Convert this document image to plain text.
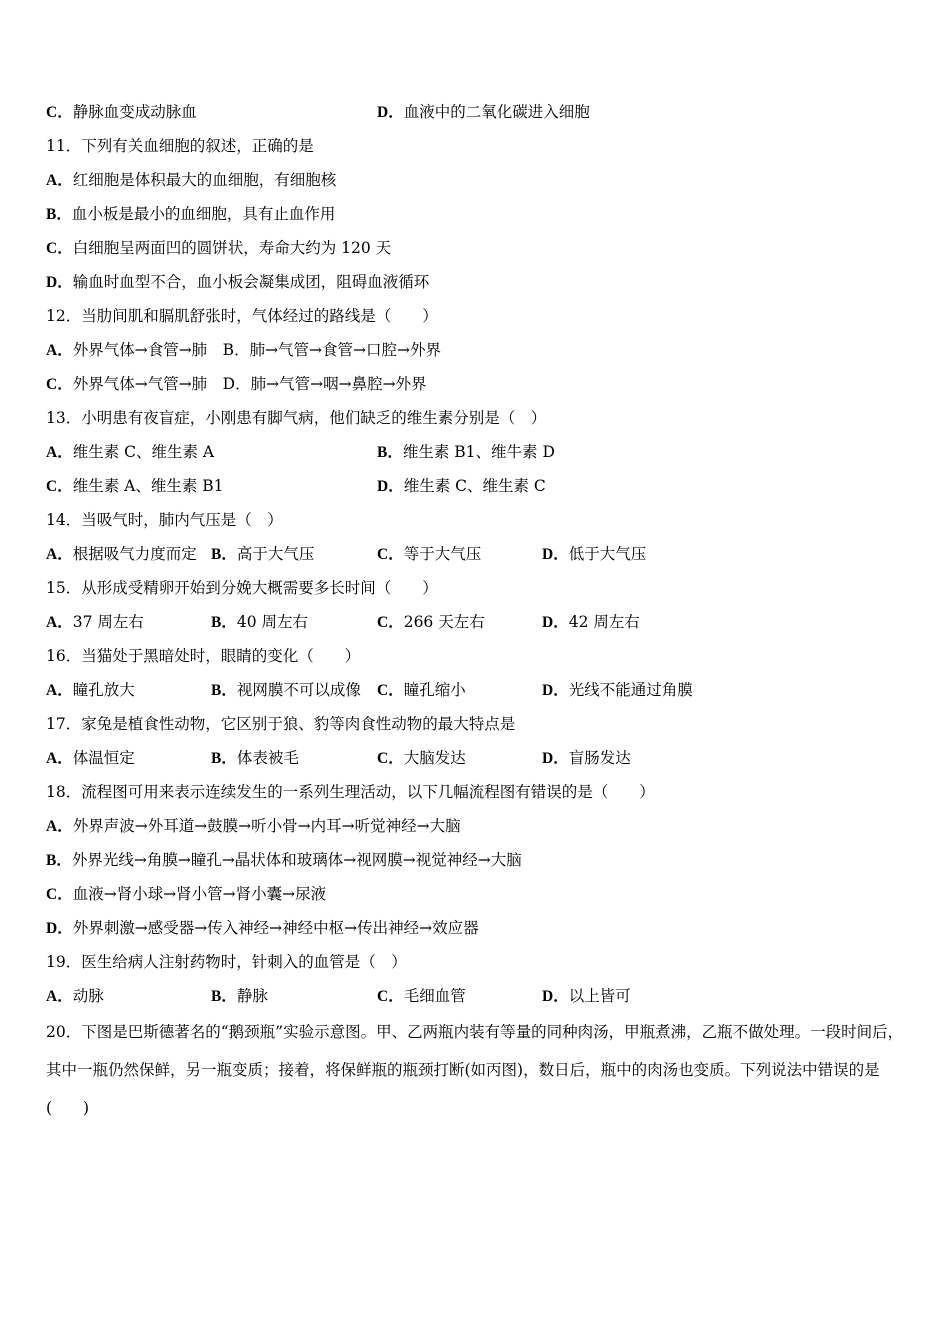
C．静脉血变成动脉血	D．血液中的二氧化碳进入细胞
11．下列有关血细胞的叙述，正确的是
A．红细胞是体积最大的血细胞，有细胞核
B．血小板是最小的血细胞，具有止血作用
C．白细胞呈两面凹的圆饼状，寿命大约为 120 天
D．输血时血型不合，血小板会凝集成团，阻碍血液循环
12．当肋间肌和膈肌舒张时，气体经过的路线是（　　）
A．外界气体→食管→肺　B．肺→气管→食管→口腔→外界
C．外界气体→气管→肺　D．肺→气管→咽→鼻腔→外界
13．小明患有夜盲症，小刚患有脚气病，他们缺乏的维生素分别是（　）
A．维生素 C、维生素 A	B．维生素 B1、维牛素 D
C．维生素 A、维生素 B1	D．维生素 C、维生素 C
14．当吸气时，肺内气压是（　）
A．根据吸气力度而定 B．高于大气压	C．等于大气压	D．低于大气压
15．从形成受精卵开始到分娩大概需要多长时间（　　）
A．37 周左右	B．40 周左右	C．266 天左右	D．42 周左右
16．当猫处于黑暗处时，眼睛的变化（　　）
A．瞳孔放大	B．视网膜不可以成像 C．瞳孔缩小	D．光线不能通过角膜
17．家兔是植食性动物，它区别于狼、豹等肉食性动物的最大特点是
A．体温恒定	B．体表被毛	C．大脑发达	D．盲肠发达
18．流程图可用来表示连续发生的一系列生理活动，以下几幅流程图有错误的是（　　）
A．外界声波→外耳道→鼓膜→听小骨→内耳→听觉神经→大脑
B．外界光线→角膜→瞳孔→晶状体和玻璃体→视网膜→视觉神经→大脑
C．血液→肾小球→肾小管→肾小囊→尿液
D．外界刺激→感受器→传入神经→神经中枢→传出神经→效应器
19．医生给病人注射药物时，针刺入的血管是（　）
A．动脉	B．静脉	C．毛细血管	D．以上皆可
20．下图是巴斯德著名的“鹅颈瓶”实验示意图。甲、乙两瓶内装有等量的同种肉汤，甲瓶煮沸，乙瓶不做处理。一段时间后，其中一瓶仍然保鲜，另一瓶变质；接着，将保鲜瓶的瓶颈打断(如丙图)，数日后，瓶中的肉汤也变质。下列说法中错误的是(　　)
